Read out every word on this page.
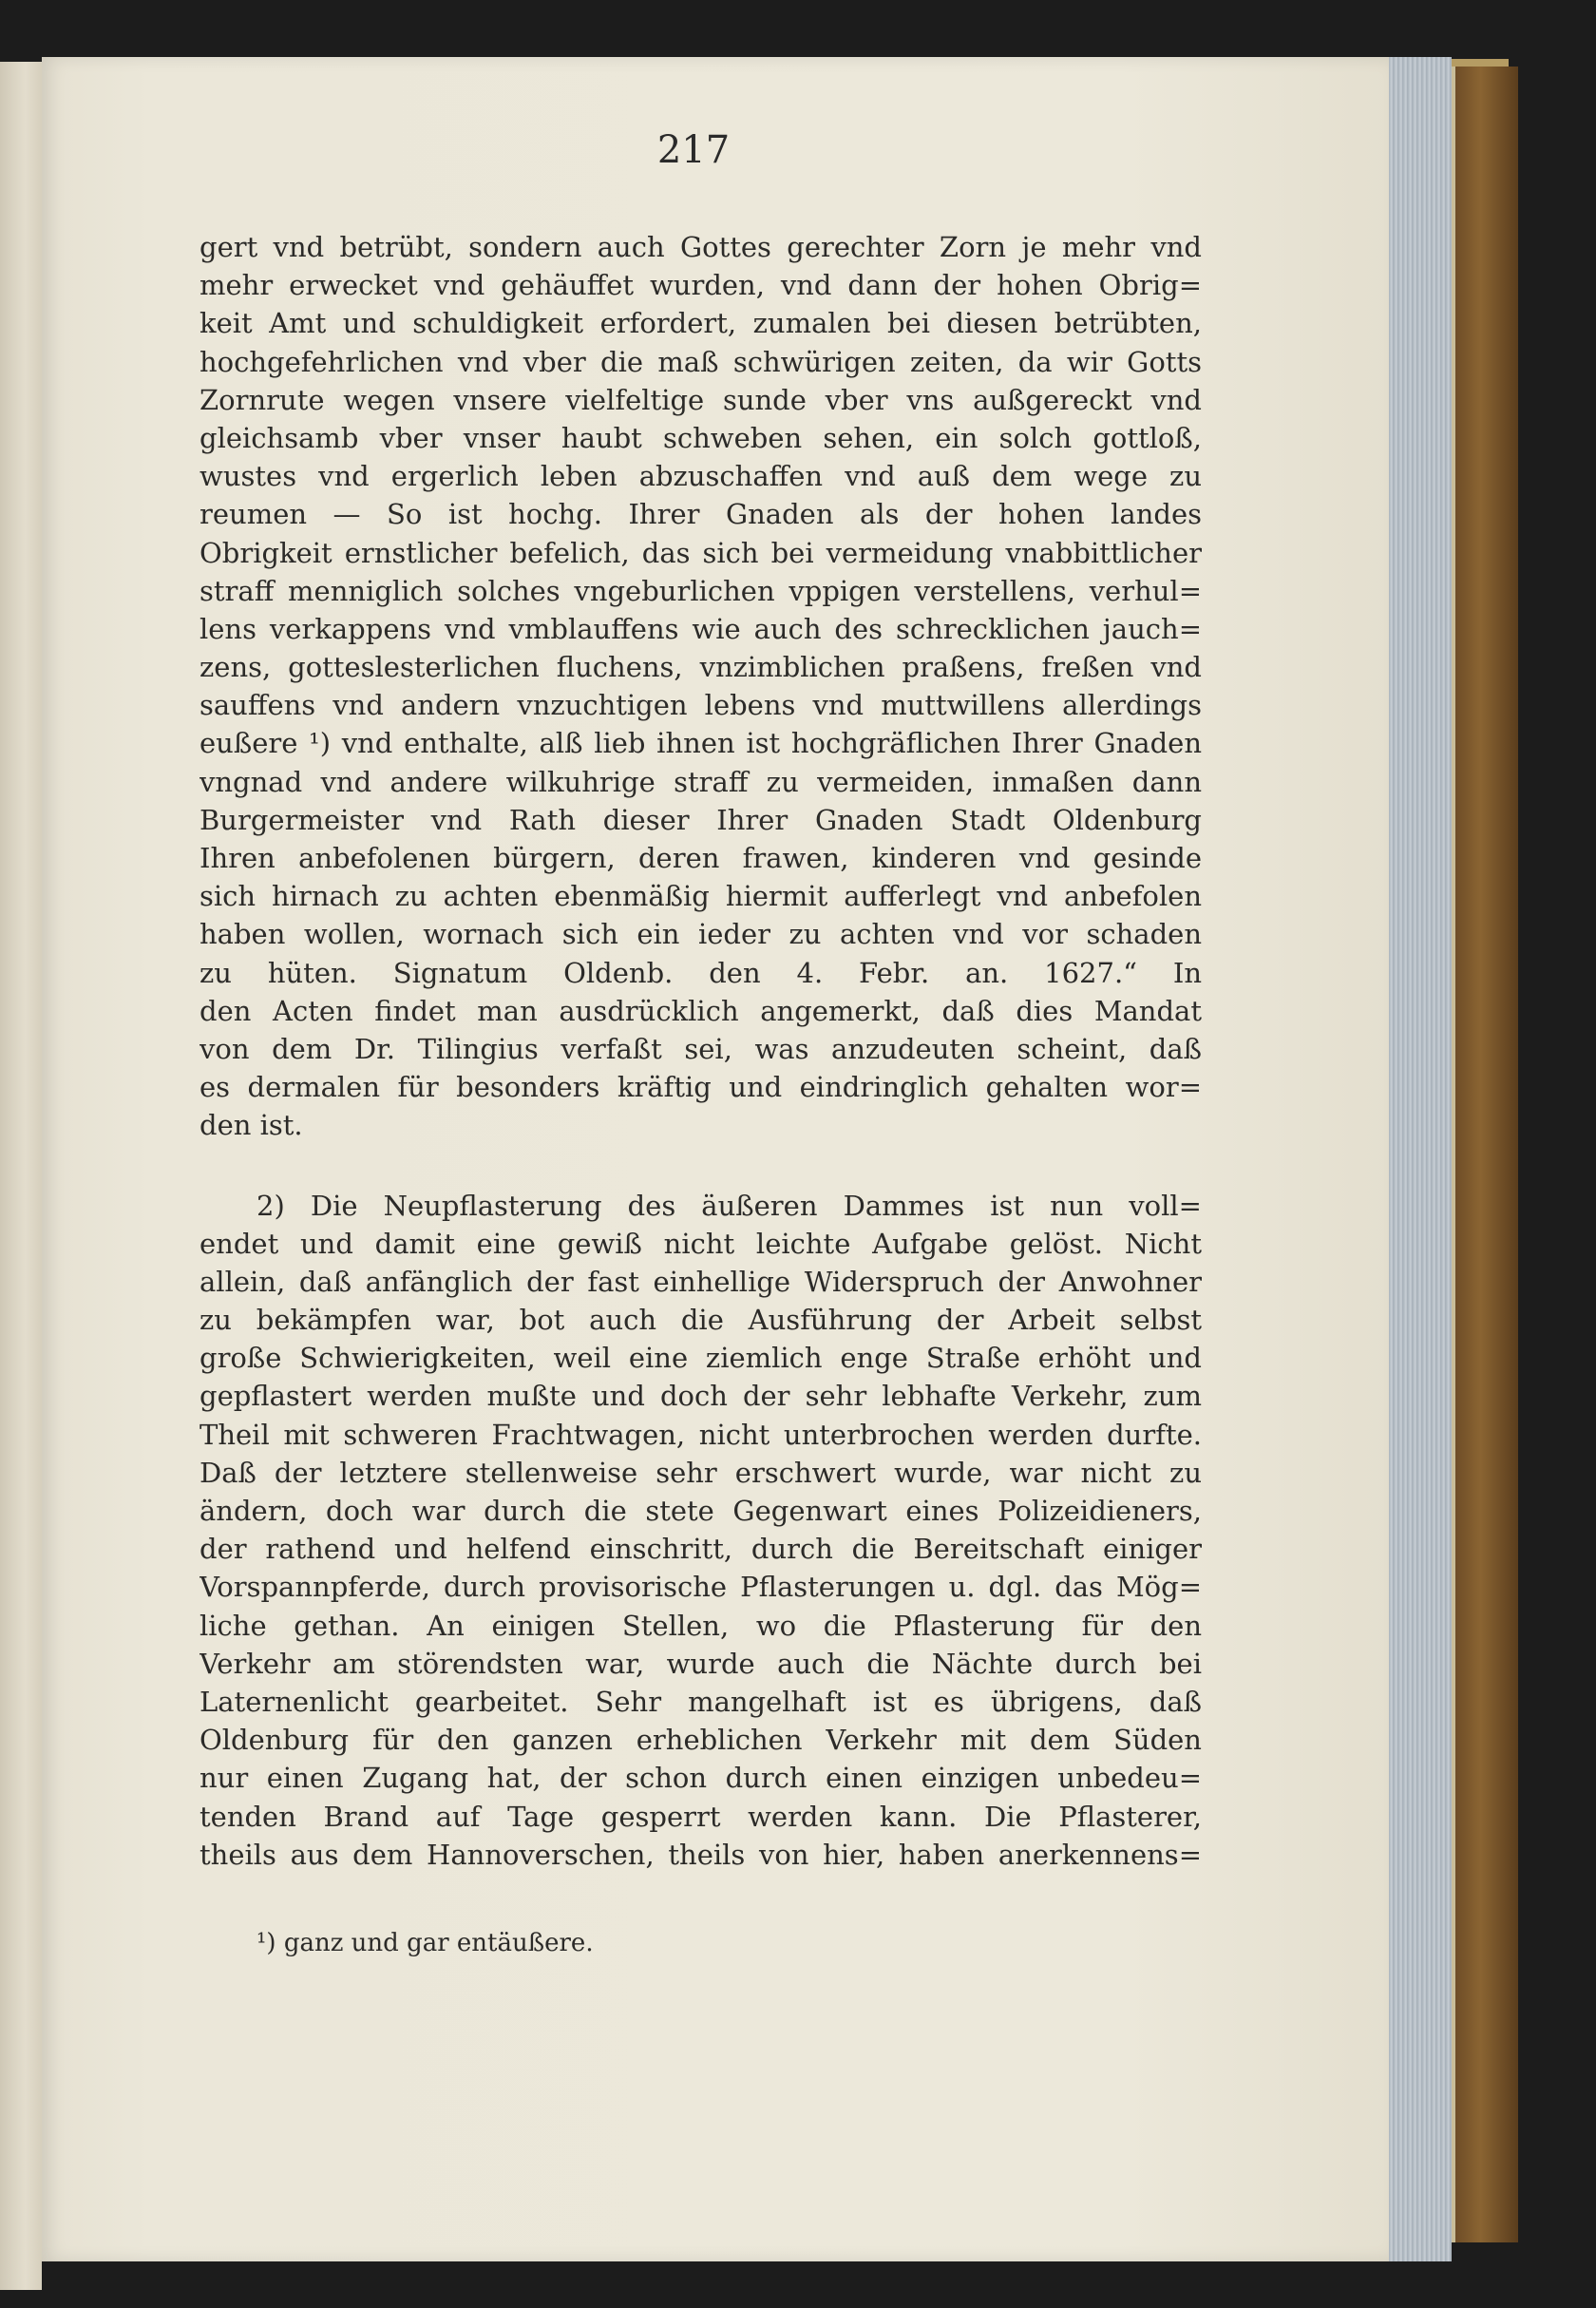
217
gert vnd betrübt, sondern auch Gottes gerechter Zorn je mehr vnd
mehr erwecket vnd gehäuffet wurden, vnd dann der hohen Obrig=
keit Amt und schuldigkeit erfordert, zumalen bei diesen betrübten,
hochgefehrlichen vnd vber die maß schwürigen zeiten, da wir Gotts
Zornrute wegen vnsere vielfeltige sunde vber vns außgereckt vnd
gleichsamb vber vnser haubt schweben sehen, ein solch gottloß,
wustes vnd ergerlich leben abzuschaffen vnd auß dem wege zu
reumen — So ist hochg. Ihrer Gnaden als der hohen landes
Obrigkeit ernstlicher befelich, das sich bei vermeidung vnabbittlicher
straff menniglich solches vngeburlichen vppigen verstellens, verhul=
lens verkappens vnd vmblauffens wie auch des schrecklichen jauch=
zens, gotteslesterlichen fluchens, vnzimblichen praßens, freßen vnd
sauffens vnd andern vnzuchtigen lebens vnd muttwillens allerdings
eußere ¹) vnd enthalte, alß lieb ihnen ist hochgräflichen Ihrer Gnaden
vngnad vnd andere wilkuhrige straff zu vermeiden, inmaßen dann
Burgermeister vnd Rath dieser Ihrer Gnaden Stadt Oldenburg
Ihren anbefolenen bürgern, deren frawen, kinderen vnd gesinde
sich hirnach zu achten ebenmäßig hiermit aufferlegt vnd anbefolen
haben wollen, wornach sich ein ieder zu achten vnd vor schaden
zu hüten. Signatum Oldenb. den 4. Febr. an. 1627.“ In
den Acten findet man ausdrücklich angemerkt, daß dies Mandat
von dem Dr. Tilingius verfaßt sei, was anzudeuten scheint, daß
es dermalen für besonders kräftig und eindringlich gehalten wor=
den ist.
2) Die Neupflasterung des äußeren Dammes ist nun voll=
endet und damit eine gewiß nicht leichte Aufgabe gelöst. Nicht
allein, daß anfänglich der fast einhellige Widerspruch der Anwohner
zu bekämpfen war, bot auch die Ausführung der Arbeit selbst
große Schwierigkeiten, weil eine ziemlich enge Straße erhöht und
gepflastert werden mußte und doch der sehr lebhafte Verkehr, zum
Theil mit schweren Frachtwagen, nicht unterbrochen werden durfte.
Daß der letztere stellenweise sehr erschwert wurde, war nicht zu
ändern, doch war durch die stete Gegenwart eines Polizeidieners,
der rathend und helfend einschritt, durch die Bereitschaft einiger
Vorspannpferde, durch provisorische Pflasterungen u. dgl. das Mög=
liche gethan. An einigen Stellen, wo die Pflasterung für den
Verkehr am störendsten war, wurde auch die Nächte durch bei
Laternenlicht gearbeitet. Sehr mangelhaft ist es übrigens, daß
Oldenburg für den ganzen erheblichen Verkehr mit dem Süden
nur einen Zugang hat, der schon durch einen einzigen unbedeu=
tenden Brand auf Tage gesperrt werden kann. Die Pflasterer,
theils aus dem Hannoverschen, theils von hier, haben anerkennens=
¹) ganz und gar entäußere.
